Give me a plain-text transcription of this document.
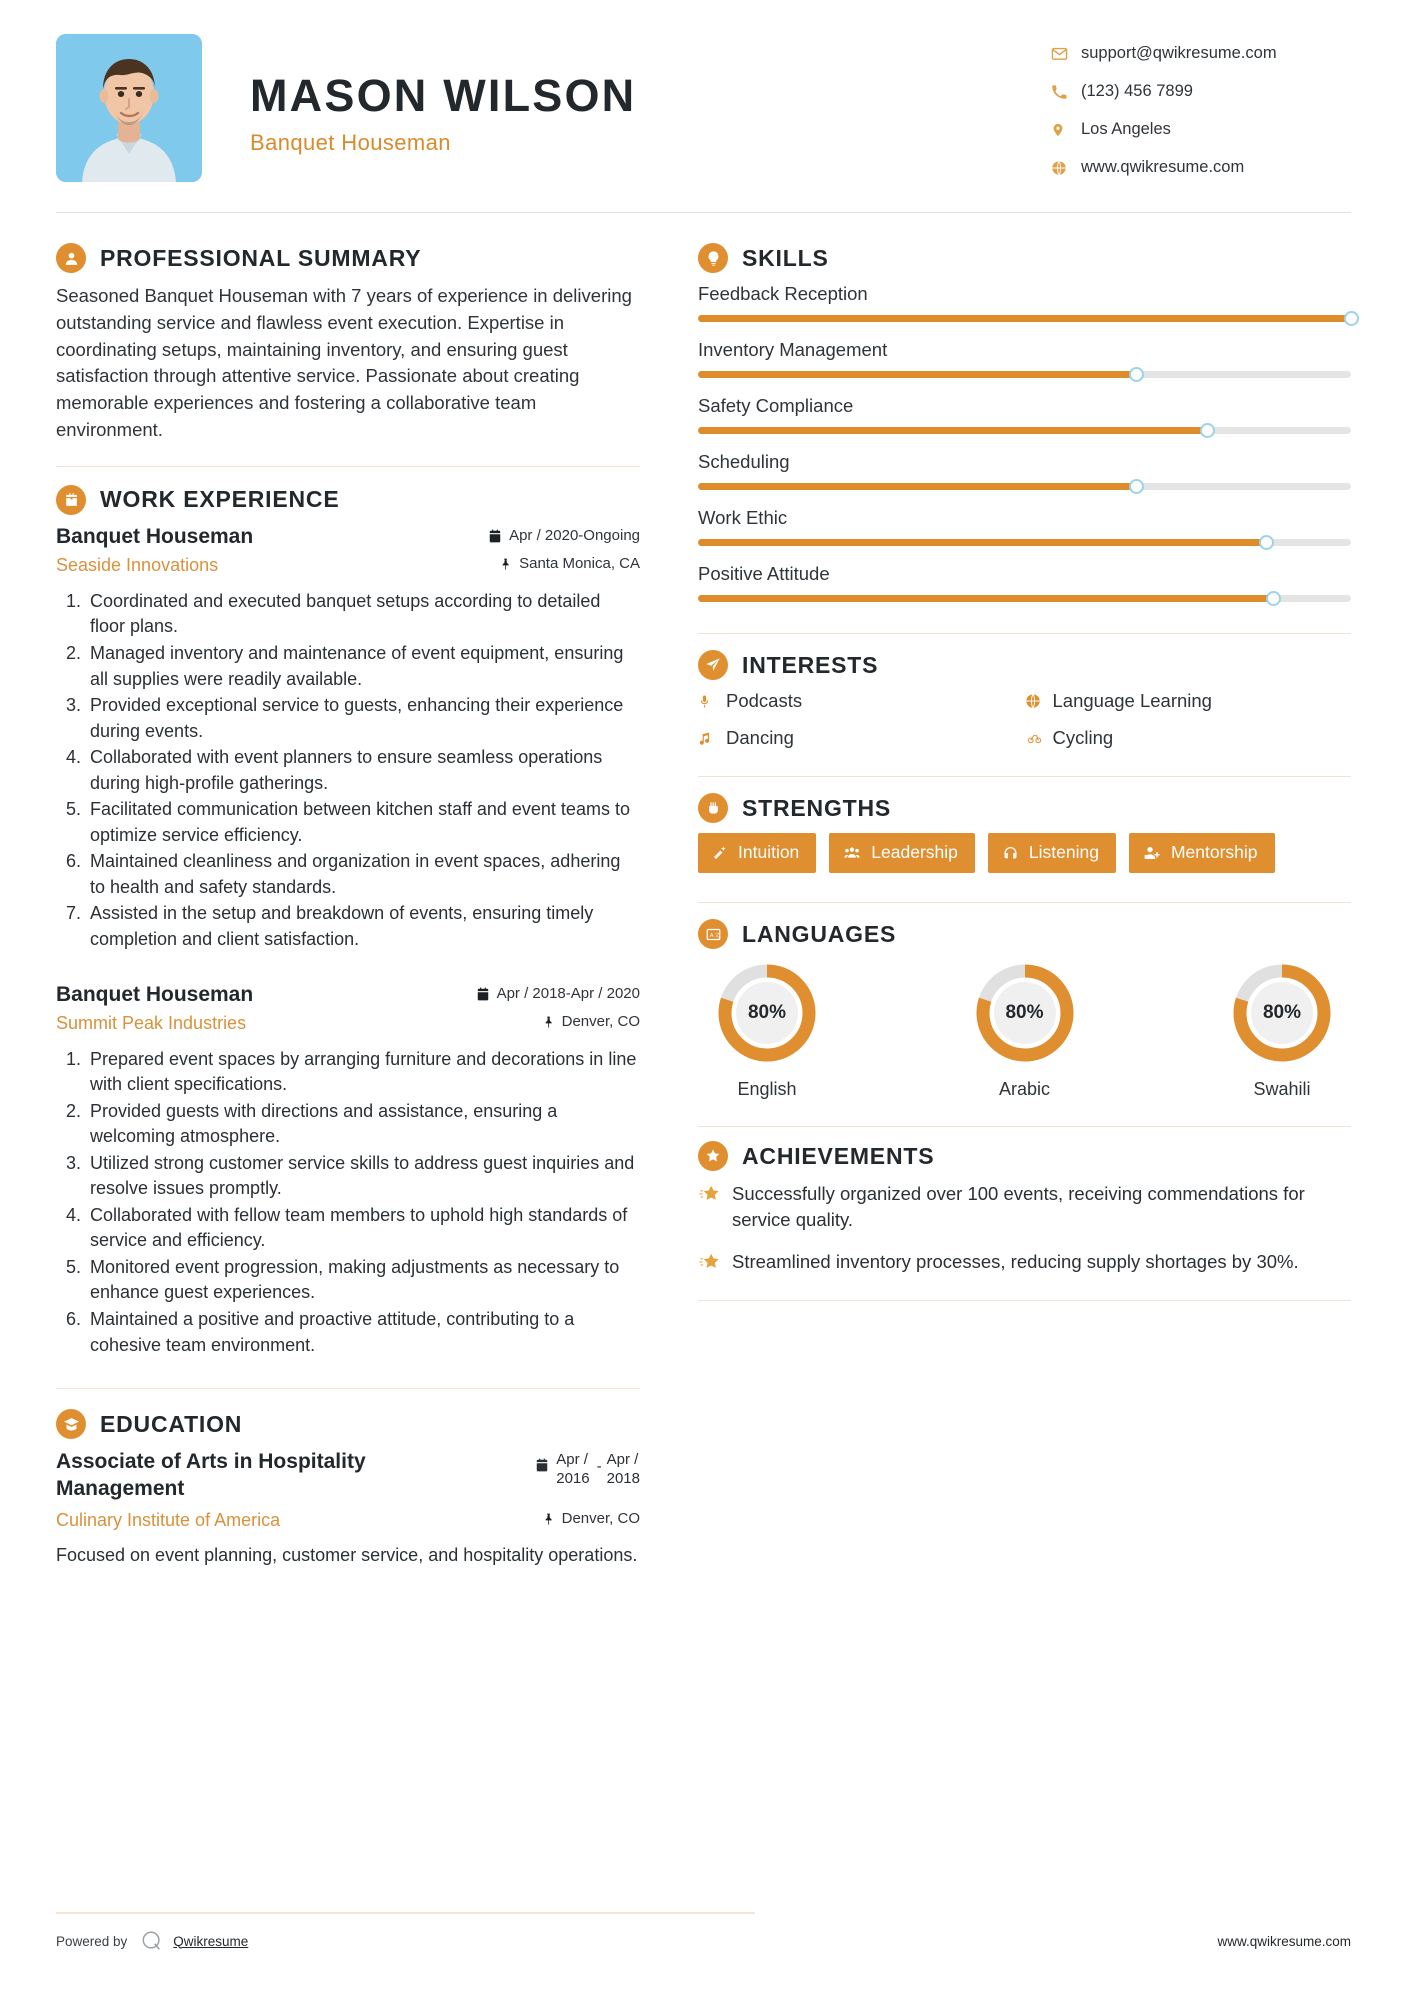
MASON WILSON
Banquet Houseman
support@qwikresume.com
(123) 456 7899
Los Angeles
www.qwikresume.com
PROFESSIONAL SUMMARY
Seasoned Banquet Houseman with 7 years of experience in delivering outstanding service and flawless event execution. Expertise in coordinating setups, maintaining inventory, and ensuring guest satisfaction through attentive service. Passionate about creating memorable experiences and fostering a collaborative team environment.
WORK EXPERIENCE
Banquet Houseman	Apr / 2020-Ongoing
Seaside Innovations	Santa Monica, CA
1. Coordinated and executed banquet setups according to detailed floor plans.
2. Managed inventory and maintenance of event equipment, ensuring all supplies were readily available.
3. Provided exceptional service to guests, enhancing their experience during events.
4. Collaborated with event planners to ensure seamless operations during high-profile gatherings.
5. Facilitated communication between kitchen staff and event teams to optimize service efficiency.
6. Maintained cleanliness and organization in event spaces, adhering to health and safety standards.
7. Assisted in the setup and breakdown of events, ensuring timely completion and client satisfaction.
Banquet Houseman	Apr / 2018-Apr / 2020
Summit Peak Industries	Denver, CO
1. Prepared event spaces by arranging furniture and decorations in line with client specifications.
2. Provided guests with directions and assistance, ensuring a welcoming atmosphere.
3. Utilized strong customer service skills to address guest inquiries and resolve issues promptly.
4. Collaborated with fellow team members to uphold high standards of service and efficiency.
5. Monitored event progression, making adjustments as necessary to enhance guest experiences.
6. Maintained a positive and proactive attitude, contributing to a cohesive team environment.
EDUCATION
Associate of Arts in Hospitality Management
Apr /
2016
- Apr /
2018
Culinary Institute of America	Denver, CO
Focused on event planning, customer service, and hospitality operations.
SKILLS
Feedback Reception
Inventory Management
Safety Compliance
Scheduling
Work Ethic
Positive Attitude
INTERESTS
Podcasts	Language Learning
Dancing	Cycling
STRENGTHS
Intuition	Leadership	Listening	Mentorship
A 文 LANGUAGES
80%
English
80%
Arabic
80%
Swahili
ACHIEVEMENTS
Successfully organized over 100 events, receiving commendations for service quality.
Streamlined inventory processes, reducing supply shortages by 30%.
Powered by	Qwikresume	www.qwikresume.com
